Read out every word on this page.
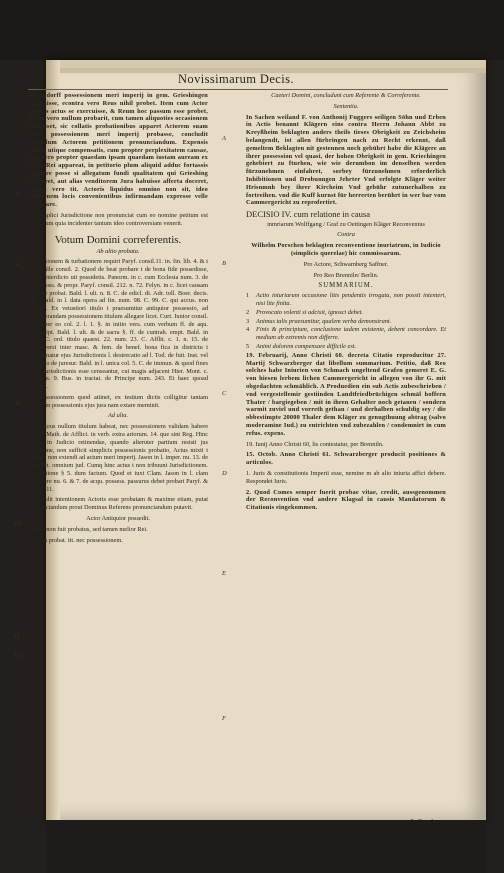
12	Novissimarum Decis.

Oberndorff possessionem meri imperij in gem. Grieshingen exercuisse, econtra vero Reus nihil probet. Item cum Actor aliquos actus se exercuisse, & Reum hoc passum esse probet, Reum vero nullum probarit, cum tamen aliquoties occasionem habuisset, sic collatis probationibus apparet Actorem suam quasi possessionem meri imperij probasse, concludit secundum Actorem petitionem pronunciandum. Expensis tamen utique compensatis, cum propter perplexitatem causae, tum vero propter quaedam ipsam quaedam iustam auream ex titulo Rei appareat, in petitorio plum aliquid adduc fortassis obtinere posse si allegatum fundi qualitatem qui Grieshing probaret, aut alias venditorem Jura habuisse afferta doceret, contra vero tit. Actoris liquidus omnino non sit, ideo petitionem locis convenientibus infirmandam expresse velle reservare.

De simplici Jurisdictione non pronunciat cum eo nomine petitum est nihil, cum quia incidenter tantum ideo controversiam venerit.

Votum Domini correferentis.
Ab altio probata.

Possessionem & turbationem requiri Paryf. consil.11. in. fin. lib. 4. & t primo ille consil. 2. Quod de beat probare t de bona fide possedisse, agens interdicto uti possidetis. Panorm. in c. cum Ecclesia num. 3. de caus. poss. & propr. Paryf. consil. 212. n. 72. Felyn. in c. licet causam n. 9. de probat. Bald. l. ult. n. 8. C. de edicl. di. Adr. toll. Boer. decis. 259. Bald. in l. data opera ad fin. num. 98. C. 99. C. qui accus. non possint. Ex vetustiori titulo t praesumitur antiquior possessio, ad corroborandam possessionem titulum allegare licet. Curt. Iunior consil. 41. super eo col. 2. l. 1. §. in initio vers. cum verbum ff. de aqu. praescript. Bald. l. ult. & de sacra §. ff. de cuntrah. empt. Bald. in Rubr. C. ord. titulo quaest. 22. num. 23. C. Afflit. c. 1. n. 15. de controversi inter masc. & fem. de benef. bona fica in districtu t praesumatur ejus Jurisdictionis l. destrecatio ad l. Tod. de fuit. Inst. vel c. Nemo de juresur. Bald. in l. unica col. 5. C. de immun. & quod fines illius Jurisdictionis esse censeantur, cui magis adjacent Hier. Mont. c. 10 num. 9. Bus. in tractat. de Principe num. 243. Et haec quoad titulum.

Ad possessionem quod attinet, ex testium dictis colligitur tantam Actorum possessionis ejus jura nam extare meminit.

Ad ulia.

Cum Reus nullum titulum habeat, nec possessionem validam habere possit, Math. de Afflict. in verb. extra ariorum. 14. que sint Reg. Hinc sit ut in Judicio retinendae, quando alteruter partium resisti jus commune, non sufficit simplicis possessionis probatio, Actus mixti t imperij non extendi ad actum meri imperij. Jason in l. imper. nu. 13. de iurisdict. omnium jud. Cumq hinc actus t non tribuunt Jurisdictionem. l. traditione § 5. dum factum. Quod et iuxt Clam. Jason in l. clam possidere nu. 6. & 7. de acqu. possess. passurus debet probari Paryf. & consil. 11.

Concludit intentionem Actoris esse probatam & maxime etiam, putat pronunciandum prout Dominus Referens pronunciandum putavit.

Actor Antiquior possedit.

Tenuis non fuit probatus, sed tamen melior Rei.

Reus in probat. tit. nec possessionem.

Caeteri Domini, concludunt cum Referente & Correferente.

Sententia.

In Sachen weiland F. von Anthonij Fuggers seiligen Söhn und Erben in Actis benannt Klägern eins contra Herrn Johann Abbt zu Kreyßheim beklagten anders theils tieses Obrigkeit zu Zeichsheim belangendt, ist allen fürbringen nach zu Recht erkennt, daß gemeltem Beklagten nit gestennen noch gebührt habe die Klägere an ihrer possession vel quasi, der hohen Obrigkeit in gem. Kriechingen gehebiert zu fturhen, wie wie derumbon im denselben werden fürzunehmen einfahret, sorbey fürzunehmen erforderlich Inhibitionen und Drobunngen Jehrter Vnd erfolgte Kläger weiter Hrisnmnh bey ihrer Kircheim Vnd gebühr zutunerhalben zu fortreihen. vnd die Kuff kurnst für herrerten berührt in wer bar vom Cammergericht zu reprofertirt.

DECISIO IV. cum relatione in causa

inmriarum Wolffgang / Graf zu Oettingen Kläger Reconventus

Contra

Wilhelm Porschen beklagten reconventione inuriatrum, in Iudicio (simplicis querelae) hic commissarum.

Pro Actore, Schwarnberg Saffner.

Pro Reo Brenniln/ Berlin.

SUMMARIUM.
1 Actio iniuriarum occasione litis pendentis irrogata, non possit intenteri, nisi lite finita.
2 Provocato volenti si adcisit, ignosci debet.
3 Animus talis praesumitur, qualem verba demonstrant.
4 Finis & principium, conclusione tadem existente, debent concordare. Et medium ab extremis non differre.
5 Animi dolorem compensare difficile est.

19. Februarij, Anno Christi 60. decreta Citatio reproducitur 27. Martij Schwarzberger dat libellum summarium. Petitio, daß Reo solches habe Iniurien von Schmach ungeltend Grafen gemeret E. G. von hiesen lerbem lichen Cammergericht in allegen von ihr G. mit obgedachten schmählich. A Produedien ein sub Actis zubeschrieben / vnd vergestellemir gestiinden Landtfriedbrüchigen schmäl hoffern Thater / bargiegeben / mit in ihren Gehalter noch getanen / sondern warmit zuviel und vorreth gethan / und derhalben schuldig sey / die obbestimpte 20000 Thaler dem Kläger zu genugthuung abtrag (salvo moderamine Iud.) zu entrichten vnd zubezahlen / condemnirt in cum refus. expens.

19. Iunij Anno Christi 60, lis contestatur, per Brenniln.

15. Octob. Anno Christi 61. Schwarzberger producit positiones & articulos.

1. Juris & constitutionis Imperii esse, nemine m ab alio iniuria affici debere. Respondet Iuris.

2. Quod Comes semper fuerit probae vitae, credit, aussgenommen der Reconvention vnd andere Klagsal in causis Mandatorum & Citationis eingekommen.

A
B
C
D
E
F
1
2
9
10
11
12
